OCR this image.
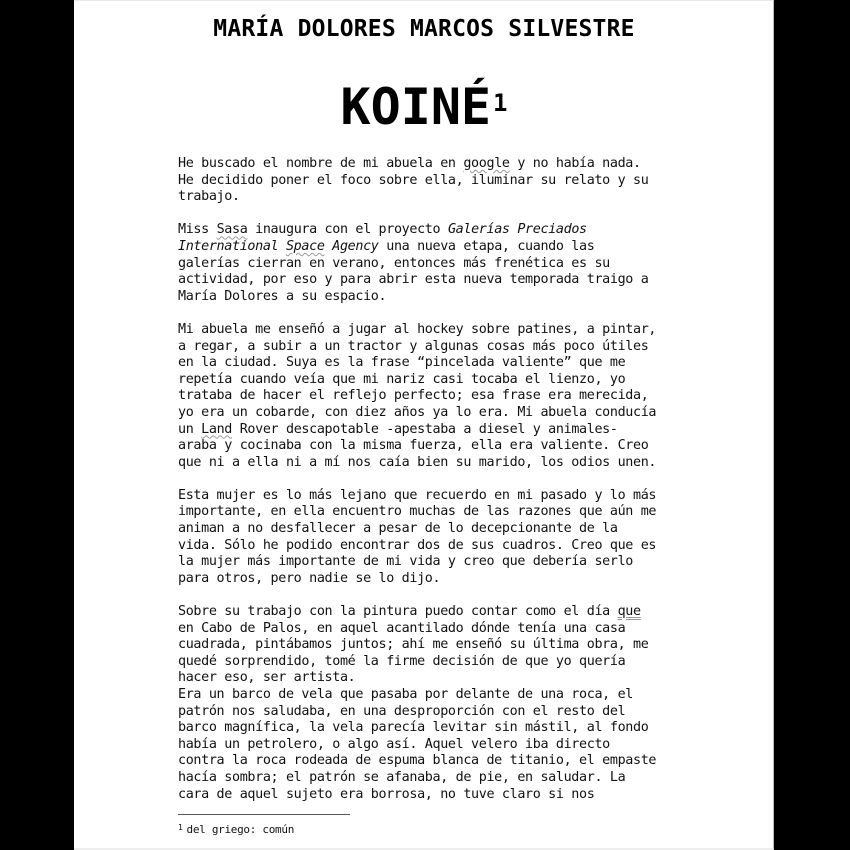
MARÍA DOLORES MARCOS SILVESTRE
KOINÉ$^1$
He buscado el nombre de mi abuela en google y no había nada.
He decidido poner el foco sobre ella, iluminar su relato y su
trabajo.
Miss Sasa inaugura con el proyecto Galerías Preciados
International Space Agency una nueva etapa, cuando las
galerías cierran en verano, entonces más frenética es su
actividad, por eso y para abrir esta nueva temporada traigo a
María Dolores a su espacio.
Mi abuela me enseñó a jugar al hockey sobre patines, a pintar,
a regar, a subir a un tractor y algunas cosas más poco útiles
en la ciudad. Suya es la frase “pincelada valiente” que me
repetía cuando veía que mi nariz casi tocaba el lienzo, yo
trataba de hacer el reflejo perfecto; esa frase era merecida,
yo era un cobarde, con diez años ya lo era. Mi abuela conducía
un Land Rover descapotable -apestaba a diesel y animales-
araba y cocinaba con la misma fuerza, ella era valiente. Creo
que ni a ella ni a mí nos caía bien su marido, los odios unen.
Esta mujer es lo más lejano que recuerdo en mi pasado y lo más
importante, en ella encuentro muchas de las razones que aún me
animan a no desfallecer a pesar de lo decepcionante de la
vida. Sólo he podido encontrar dos de sus cuadros. Creo que es
la mujer más importante de mi vida y creo que debería serlo
para otros, pero nadie se lo dijo.
Sobre su trabajo con la pintura puedo contar como el día que
en Cabo de Palos, en aquel acantilado dónde tenía una casa
cuadrada, pintábamos juntos; ahí me enseñó su última obra, me
quedé sorprendido, tomé la firme decisión de que yo quería
hacer eso, ser artista.
Era un barco de vela que pasaba por delante de una roca, el
patrón nos saludaba, en una desproporción con el resto del
barco magnífica, la vela parecía levitar sin mástil, al fondo
había un petrolero, o algo así. Aquel velero iba directo
contra la roca rodeada de espuma blanca de titanio, el empaste
hacía sombra; el patrón se afanaba, de pie, en saludar. La
cara de aquel sujeto era borrosa, no tuve claro si nos
$^1$ del griego: común
